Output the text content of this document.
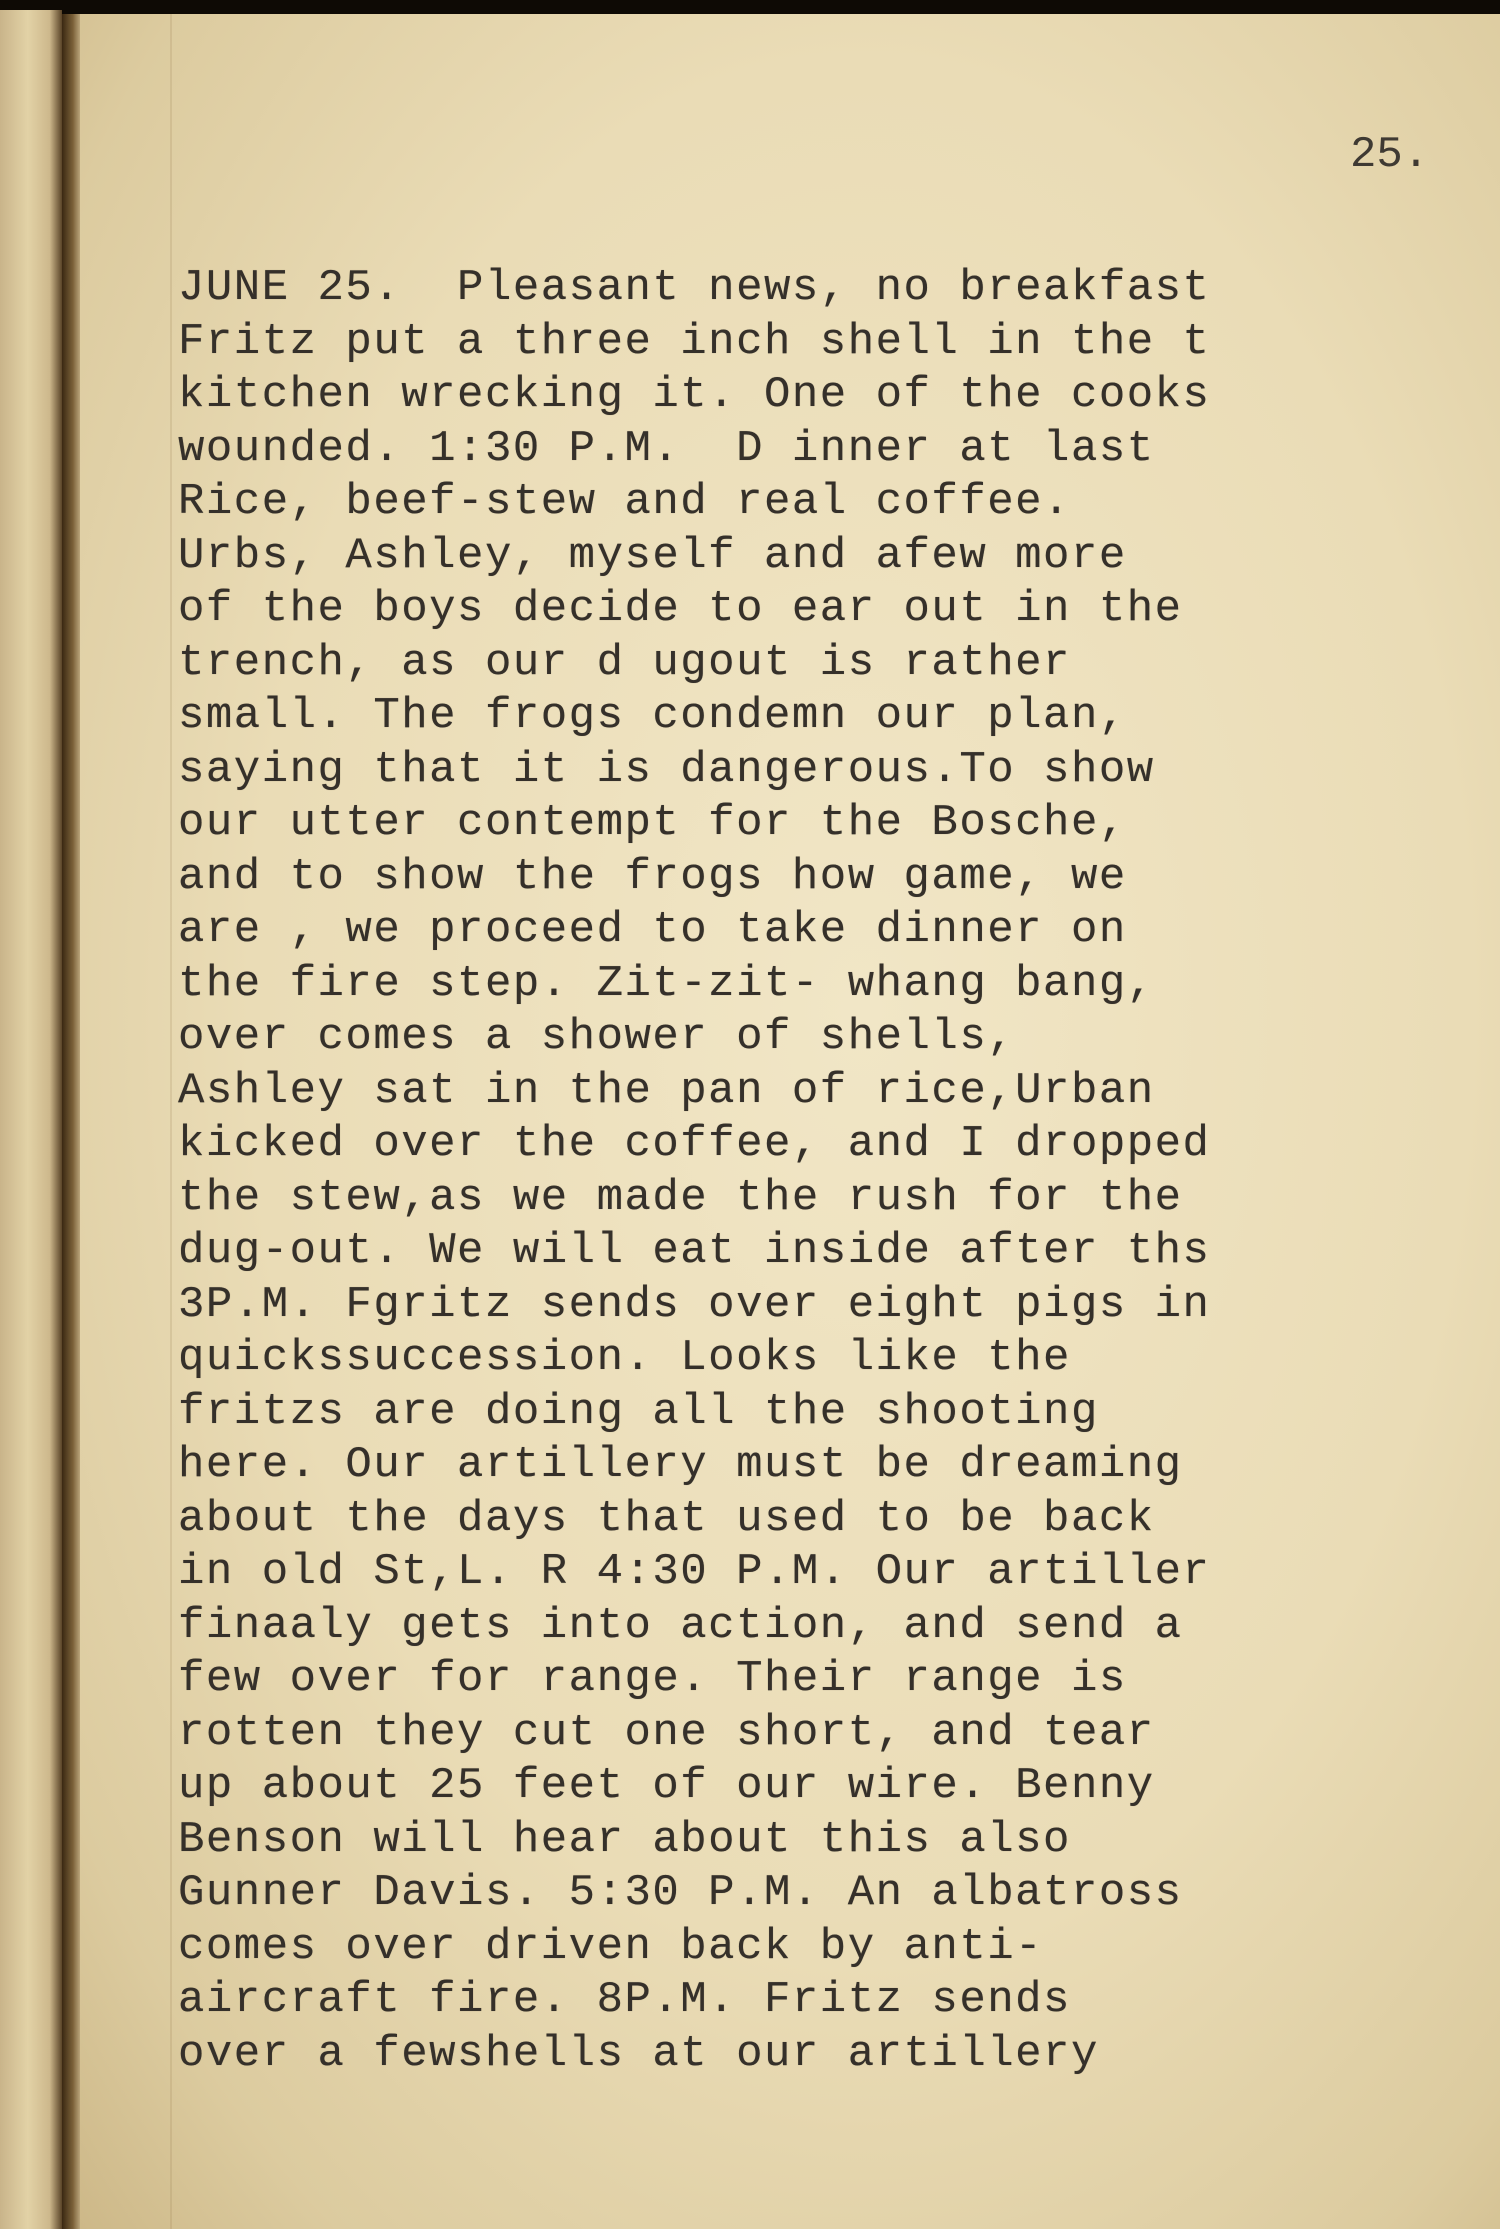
25.
JUNE 25.  Pleasant news, no breakfast
Fritz put a three inch shell in the t
kitchen wrecking it. One of the cooks
wounded. 1:30 P.M.  D inner at last
Rice, beef-stew and real coffee.
Urbs, Ashley, myself and afew more
of the boys decide to ear out in the
trench, as our d ugout is rather
small. The frogs condemn our plan,
saying that it is dangerous.To show
our utter contempt for the Bosche,
and to show the frogs how game, we
are , we proceed to take dinner on
the fire step. Zit-zit- whang bang,
over comes a shower of shells,
Ashley sat in the pan of rice,Urban
kicked over the coffee, and I dropped
the stew,as we made the rush for the
dug-out. We will eat inside after ths
3P.M. Fgritz sends over eight pigs in
quickssuccession. Looks like the
fritzs are doing all the shooting
here. Our artillery must be dreaming
about the days that used to be back
in old St,L. R 4:30 P.M. Our artiller
finaaly gets into action, and send a
few over for range. Their range is
rotten they cut one short, and tear
up about 25 feet of our wire. Benny
Benson will hear about this also
Gunner Davis. 5:30 P.M. An albatross
comes over driven back by anti-
aircraft fire. 8P.M. Fritz sends
over a fewshells at our artillery
